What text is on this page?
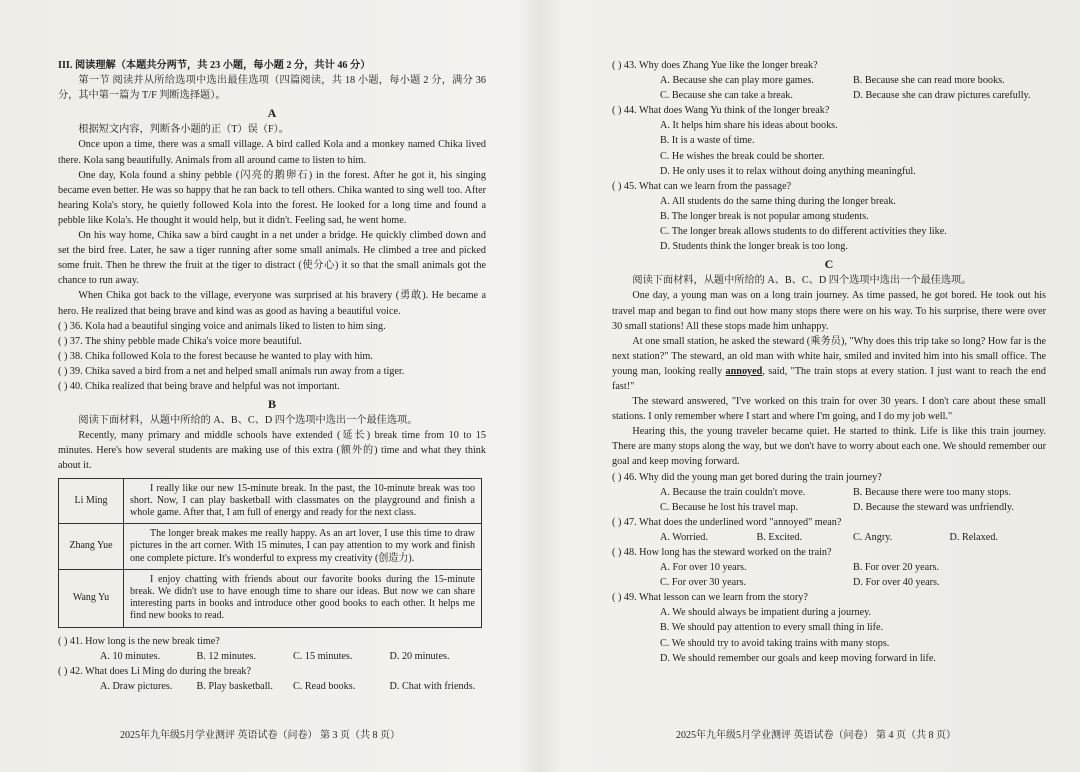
III. 阅读理解（本题共分两节，共 23 小题，每小题 2 分，共计 46 分）

第一节 阅读并从所给选项中选出最佳选项（四篇阅读，共 18 小题，每小题 2 分，满分 36 分，其中第一篇为 T/F 判断选择题）。

A

根据短文内容，判断各小题的正（T）误（F）。

Once upon a time, there was a small village. A bird called Kola and a monkey named Chika lived there. Kola sang beautifully. Animals from all around came to listen to him.

One day, Kola found a shiny pebble (闪亮的鹅卵石) in the forest. After he got it, his singing became even better. He was so happy that he ran back to tell others. Chika wanted to sing well too. After hearing Kola's story, he quietly followed Kola into the forest. He looked for a long time and found a pebble like Kola's. He thought it would help, but it didn't. Feeling sad, he went home.

On his way home, Chika saw a bird caught in a net under a bridge. He quickly climbed down and set the bird free. Later, he saw a tiger running after some small animals. He climbed a tree and picked some fruit. Then he threw the fruit at the tiger to distract (使分心) it so that the small animals got the chance to run away.

When Chika got back to the village, everyone was surprised at his bravery (勇敢). He became a hero. He realized that being brave and kind was as good as having a beautiful voice.

( ) 36. Kola had a beautiful singing voice and animals liked to listen to him sing.

( ) 37. The shiny pebble made Chika's voice more beautiful.

( ) 38. Chika followed Kola to the forest because he wanted to play with him.

( ) 39. Chika saved a bird from a net and helped small animals run away from a tiger.

( ) 40. Chika realized that being brave and helpful was not important.

B

阅读下面材料，从题中所给的 A、B、C、D 四个选项中选出一个最佳选项。

Recently, many primary and middle schools have extended (延长) break time from 10 to 15 minutes. Here's how several students are making use of this extra (额外的) time and what they think about it.

Li Ming	I really like our new 15-minute break. In the past, the 10-minute break was too short. Now, I can play basketball with classmates on the playground and finish a whole game. After that, I am full of energy and ready for the next class.

Zhang Yue	The longer break makes me really happy. As an art lover, I use this time to draw pictures in the art corner. With 15 minutes, I can pay attention to my work and finish one complete picture. It's wonderful to express my creativity (创造力).

Wang Yu	I enjoy chatting with friends about our favorite books during the 15-minute break. We didn't use to have enough time to share our ideas. But now we can share interesting parts in books and introduce other good books to each other. It helps me find new books to read.

( ) 41. How long is the new break time?

A. 10 minutes.	B. 12 minutes.	C. 15 minutes.	D. 20 minutes.

( ) 42. What does Li Ming do during the break?

A. Draw pictures.	B. Play basketball.	C. Read books.	D. Chat with friends.
2025年九年级5月学业测评 英语试卷（问卷） 第 3 页（共 8 页）

( ) 43. Why does Zhang Yue like the longer break?

A. Because she can play more games.	B. Because she can read more books.
C. Because she can take a break.	D. Because she can draw pictures carefully.

( ) 44. What does Wang Yu think of the longer break?

A. It helps him share his ideas about books.
B. It is a waste of time.
C. He wishes the break could be shorter.
D. He only uses it to relax without doing anything meaningful.

( ) 45. What can we learn from the passage?

A. All students do the same thing during the longer break.
B. The longer break is not popular among students.
C. The longer break allows students to do different activities they like.
D. Students think the longer break is too long.
C

阅读下面材料，从题中所给的 A、B、C、D 四个选项中选出一个最佳选项。

One day, a young man was on a long train journey. As time passed, he got bored. He took out his travel map and began to find out how many stops there were on his way. To his surprise, there were over 30 small stations! All these stops made him unhappy.

At one small station, he asked the steward (乘务员), "Why does this trip take so long? How far is the next station?" The steward, an old man with white hair, smiled and invited him into his small office. The young man, looking really annoyed, said, "The train stops at every station. I just want to reach the end fast!"

The steward answered, "I've worked on this train for over 30 years. I don't care about these small stations. I only remember where I start and where I'm going, and I do my job well."

Hearing this, the young traveler became quiet. He started to think. Life is like this train journey. There are many stops along the way, but we don't have to worry about each one. We should remember our goal and keep moving forward.

( ) 46. Why did the young man get bored during the train journey?

A. Because the train couldn't move.	B. Because there were too many stops.
C. Because he lost his travel map.	D. Because the steward was unfriendly.

( ) 47. What does the underlined word "annoyed" mean?

A. Worried.	B. Excited.	C. Angry.	D. Relaxed.

( ) 48. How long has the steward worked on the train?

A. For over 10 years.	B. For over 20 years.
C. For over 30 years.	D. For over 40 years.

( ) 49. What lesson can we learn from the story?

A. We should always be impatient during a journey.
B. We should pay attention to every small thing in life.
C. We should try to avoid taking trains with many stops.
D. We should remember our goals and keep moving forward in life.
2025年九年级5月学业测评 英语试卷（问卷） 第 4 页（共 8 页）
